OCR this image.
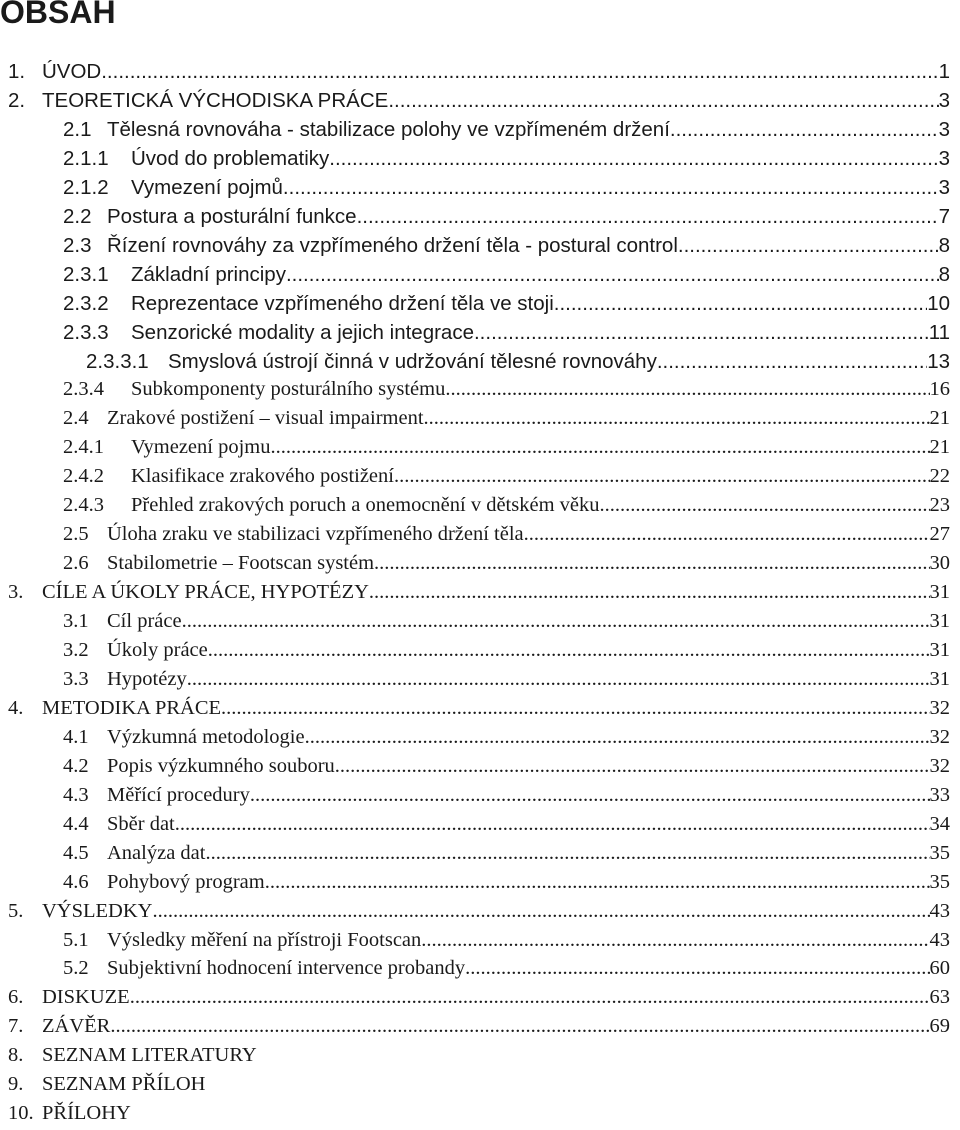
OBSAH
1. ÚVOD .....	1
2. TEORETICKÁ VÝCHODISKA PRÁCE .....	3
2.1 Tělesná rovnováha - stabilizace polohy ve vzpřímeném držení. .....	3
2.1.1	Úvod do problematiky .....	3
2.1.2	Vymezení pojmů .....	3
2.2 Postura a posturální funkce .....	7
2.3 Řízení rovnováhy za vzpřímeného držení těla - postural control .....	8
2.3.1	Základní principy .....	8
2.3.2	Reprezentace vzpřímeného držení těla ve stoji .....	10
2.3.3	Senzorické modality a jejich integrace .....	11
2.3.3.1 Smyslová ústrojí činná v udržování tělesné rovnováhy .....	13
2.3.4	Subkomponenty posturálního systému .....	16
2.4 Zrakové postižení – visual impairment .....	21
2.4.1	Vymezení pojmu .....	21
2.4.2	Klasifikace zrakového postižení .....	22
2.4.3	Přehled zrakových poruch a onemocnění v dětském věku .....	23
2.5 Úloha zraku ve stabilizaci vzpřímeného držení těla .....	27
2.6 Stabilometrie – Footscan systém .....	30
3. CÍLE A ÚKOLY PRÁCE, HYPOTÉZY .....	31
3.1 Cíl práce .....	31
3.2 Úkoly práce .....	31
3.3 Hypotézy .....	31
4. METODIKA PRÁCE .....	32
4.1 Výzkumná metodologie .....	32
4.2 Popis výzkumného souboru .....	32
4.3 Měřící procedury .....	33
4.4 Sběr dat .....	34
4.5 Analýza dat .....	35
4.6 Pohybový program .....	35
5. VÝSLEDKY .....	43
5.1 Výsledky měření na přístroji Footscan .....	43
5.2 Subjektivní hodnocení intervence probandy .....	60
6. DISKUZE .....	63
7. ZÁVĚR .....	69
8. SEZNAM LITERATURY
9. SEZNAM PŘÍLOH
10. PŘÍLOHY
